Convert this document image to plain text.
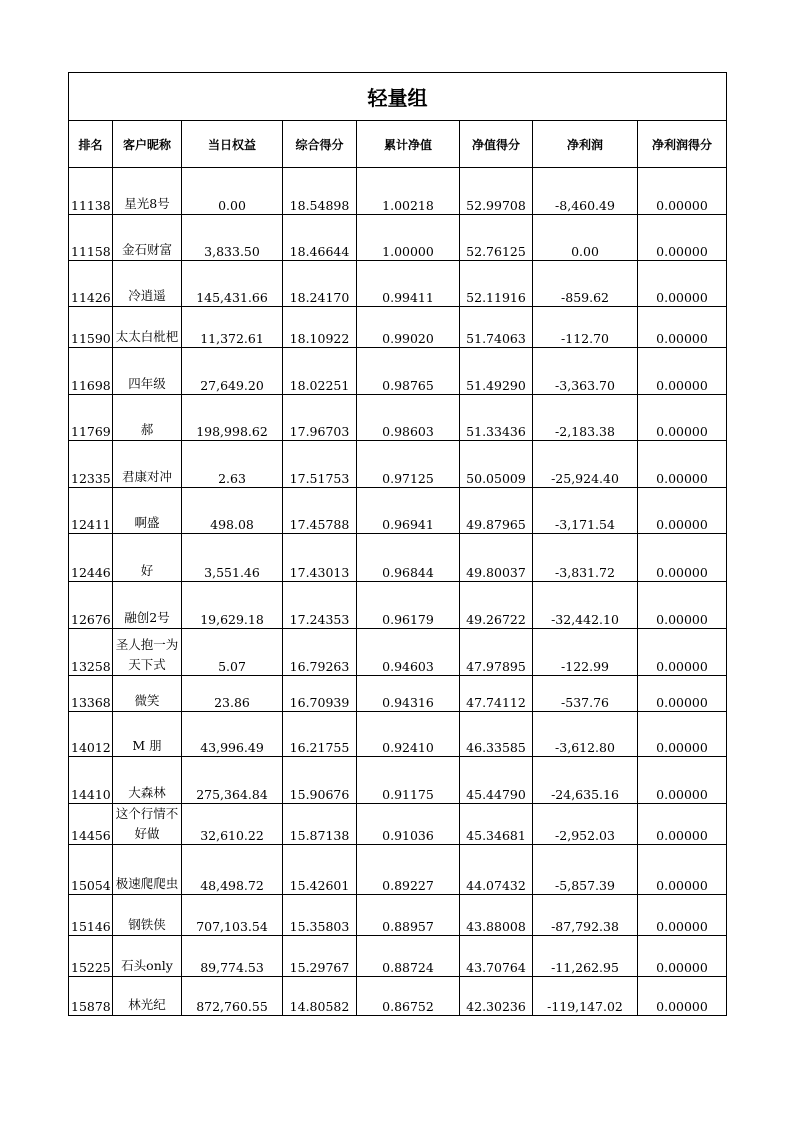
轻量组							
排名	客户昵称	当日权益	综合得分	累计净值	净值得分	净利润	净利润得分
11138	星光8号	0.00	18.54898	1.00218	52.99708	-8,460.49	0.00000
11158	金石财富	3,833.50	18.46644	1.00000	52.76125	0.00	0.00000
11426	冷逍遥	145,431.66	18.24170	0.99411	52.11916	-859.62	0.00000
11590	太太白枇杷	11,372.61	18.10922	0.99020	51.74063	-112.70	0.00000
11698	四年级	27,649.20	18.02251	0.98765	51.49290	-3,363.70	0.00000
11769	郝	198,998.62	17.96703	0.98603	51.33436	-2,183.38	0.00000
12335	君康对冲	2.63	17.51753	0.97125	50.05009	-25,924.40	0.00000
12411	啊盛	498.08	17.45788	0.96941	49.87965	-3,171.54	0.00000
12446	好	3,551.46	17.43013	0.96844	49.80037	-3,831.72	0.00000
12676	融创2号	19,629.18	17.24353	0.96179	49.26722	-32,442.10	0.00000
13258	圣人抱一为天下式	5.07	16.79263	0.94603	47.97895	-122.99	0.00000
13368	微笑	23.86	16.70939	0.94316	47.74112	-537.76	0.00000
14012	M 朋	43,996.49	16.21755	0.92410	46.33585	-3,612.80	0.00000
14410	大森林	275,364.84	15.90676	0.91175	45.44790	-24,635.16	0.00000
14456	这个行情不好做	32,610.22	15.87138	0.91036	45.34681	-2,952.03	0.00000
15054	极速爬爬虫	48,498.72	15.42601	0.89227	44.07432	-5,857.39	0.00000
15146	钢铁侠	707,103.54	15.35803	0.88957	43.88008	-87,792.38	0.00000
15225	石头only	89,774.53	15.29767	0.88724	43.70764	-11,262.95	0.00000
15878	林光纪	872,760.55	14.80582	0.86752	42.30236	-119,147.02	0.00000
